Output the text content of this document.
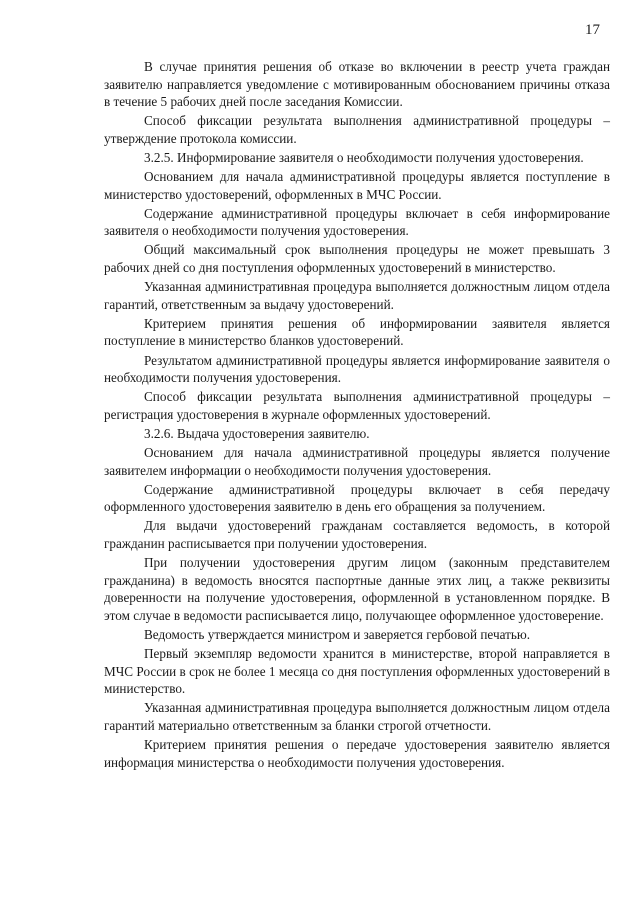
17

В случае принятия решения об отказе во включении в реестр учета граждан заявителю направляется уведомление с мотивированным обоснованием причины отказа в течение 5 рабочих дней после заседания Комиссии.

Способ фиксации результата выполнения административной процедуры – утверждение протокола комиссии.

3.2.5. Информирование заявителя о необходимости получения удостоверения.

Основанием для начала административной процедуры является поступление в министерство удостоверений, оформленных в МЧС России.

Содержание административной процедуры включает в себя информирование заявителя о необходимости получения удостоверения.

Общий максимальный срок выполнения процедуры не может превышать 3 рабочих дней со дня поступления оформленных удостоверений в министерство.

Указанная административная процедура выполняется должностным лицом отдела гарантий, ответственным за выдачу удостоверений.

Критерием принятия решения об информировании заявителя является поступление в министерство бланков удостоверений.

Результатом административной процедуры является информирование заявителя о необходимости получения удостоверения.

Способ фиксации результата выполнения административной процедуры – регистрация удостоверения в журнале оформленных удостоверений.

3.2.6. Выдача удостоверения заявителю.

Основанием для начала административной процедуры является получение заявителем информации о необходимости получения удостоверения.

Содержание административной процедуры включает в себя передачу оформленного удостоверения заявителю в день его обращения за получением.

Для выдачи удостоверений гражданам составляется ведомость, в которой гражданин расписывается при получении удостоверения.

При получении удостоверения другим лицом (законным представителем гражданина) в ведомость вносятся паспортные данные этих лиц, а также реквизиты доверенности на получение удостоверения, оформленной в установленном порядке. В этом случае в ведомости расписывается лицо, получающее оформленное удостоверение.

Ведомость утверждается министром и заверяется гербовой печатью.

Первый экземпляр ведомости хранится в министерстве, второй направляется в МЧС России в срок не более 1 месяца со дня поступления оформленных удостоверений в министерство.

Указанная административная процедура выполняется должностным лицом отдела гарантий материально ответственным за бланки строгой отчетности.

Критерием принятия решения о передаче удостоверения заявителю является информация министерства о необходимости получения удостоверения.
